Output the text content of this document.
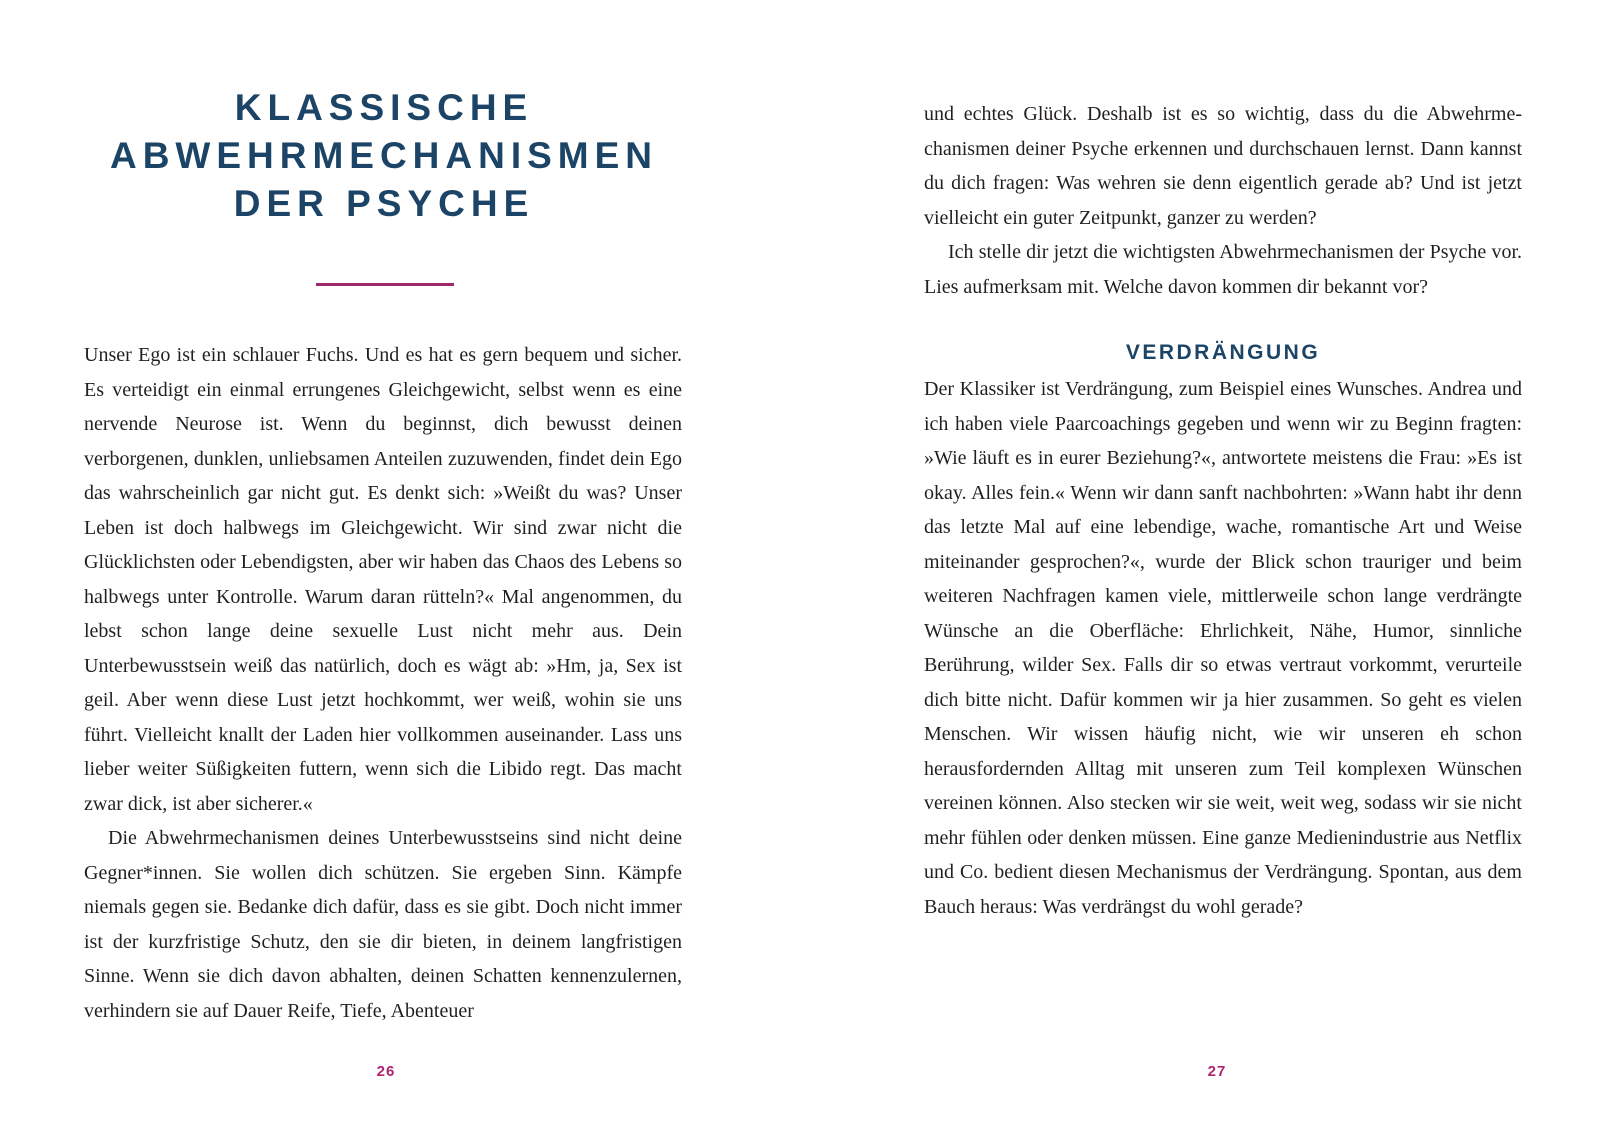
KLASSISCHE
ABWEHRMECHANISMEN
DER PSYCHE

Unser Ego ist ein schlauer Fuchs. Und es hat es gern bequem und sicher. Es verteidigt ein einmal errungenes Gleichgewicht, selbst wenn es eine nervende Neurose ist. Wenn du beginnst, dich bewusst deinen verborgenen, dunklen, unliebsamen Anteilen zuzuwenden, findet dein Ego das wahrscheinlich gar nicht gut. Es denkt sich: »Weißt du was? Unser Leben ist doch halbwegs im Gleichgewicht. Wir sind zwar nicht die Glücklichsten oder Lebendigsten, aber wir haben das Chaos des Lebens so halbwegs unter Kontrolle. Warum daran rütteln?« Mal angenommen, du lebst schon lange deine sexuelle Lust nicht mehr aus. Dein Unterbewusstsein weiß das natürlich, doch es wägt ab: »Hm, ja, Sex ist geil. Aber wenn diese Lust jetzt hochkommt, wer weiß, wohin sie uns führt. Vielleicht knallt der Laden hier vollkommen auseinander. Lass uns lieber weiter Süßigkeiten futtern, wenn sich die Libido regt. Das macht zwar dick, ist aber sicherer.«

Die Abwehrmechanismen deines Unterbewusstseins sind nicht deine Gegner*innen. Sie wollen dich schützen. Sie ergeben Sinn. Kämpfe niemals gegen sie. Bedanke dich dafür, dass es sie gibt. Doch nicht immer ist der kurzfristige Schutz, den sie dir bieten, in deinem langfristigen Sinne. Wenn sie dich davon abhalten, deinen Schatten kennenzulernen, verhindern sie auf Dauer Reife, Tiefe, Abenteuer

26

und echtes Glück. Deshalb ist es so wichtig, dass du die Abwehrmechanismen deiner Psyche erkennen und durchschauen lernst. Dann kannst du dich fragen: Was wehren sie denn eigentlich gerade ab? Und ist jetzt vielleicht ein guter Zeitpunkt, ganzer zu werden?

Ich stelle dir jetzt die wichtigsten Abwehrmechanismen der Psyche vor. Lies aufmerksam mit. Welche davon kommen dir bekannt vor?

VERDRÄNGUNG

Der Klassiker ist Verdrängung, zum Beispiel eines Wunsches. Andrea und ich haben viele Paarcoachings gegeben und wenn wir zu Beginn fragten: »Wie läuft es in eurer Beziehung?«, antwortete meistens die Frau: »Es ist okay. Alles fein.« Wenn wir dann sanft nachbohrten: »Wann habt ihr denn das letzte Mal auf eine lebendige, wache, romantische Art und Weise miteinander gesprochen?«, wurde der Blick schon trauriger und beim weiteren Nachfragen kamen viele, mittlerweile schon lange verdrängte Wünsche an die Oberfläche: Ehrlichkeit, Nähe, Humor, sinnliche Berührung, wilder Sex. Falls dir so etwas vertraut vorkommt, verurteile dich bitte nicht. Dafür kommen wir ja hier zusammen. So geht es vielen Menschen. Wir wissen häufig nicht, wie wir unseren eh schon herausfordernden Alltag mit unseren zum Teil komplexen Wünschen vereinen können. Also stecken wir sie weit, weit weg, sodass wir sie nicht mehr fühlen oder denken müssen. Eine ganze Medienindustrie aus Netflix und Co. bedient diesen Mechanismus der Verdrängung. Spontan, aus dem Bauch heraus: Was verdrängst du wohl gerade?

27
